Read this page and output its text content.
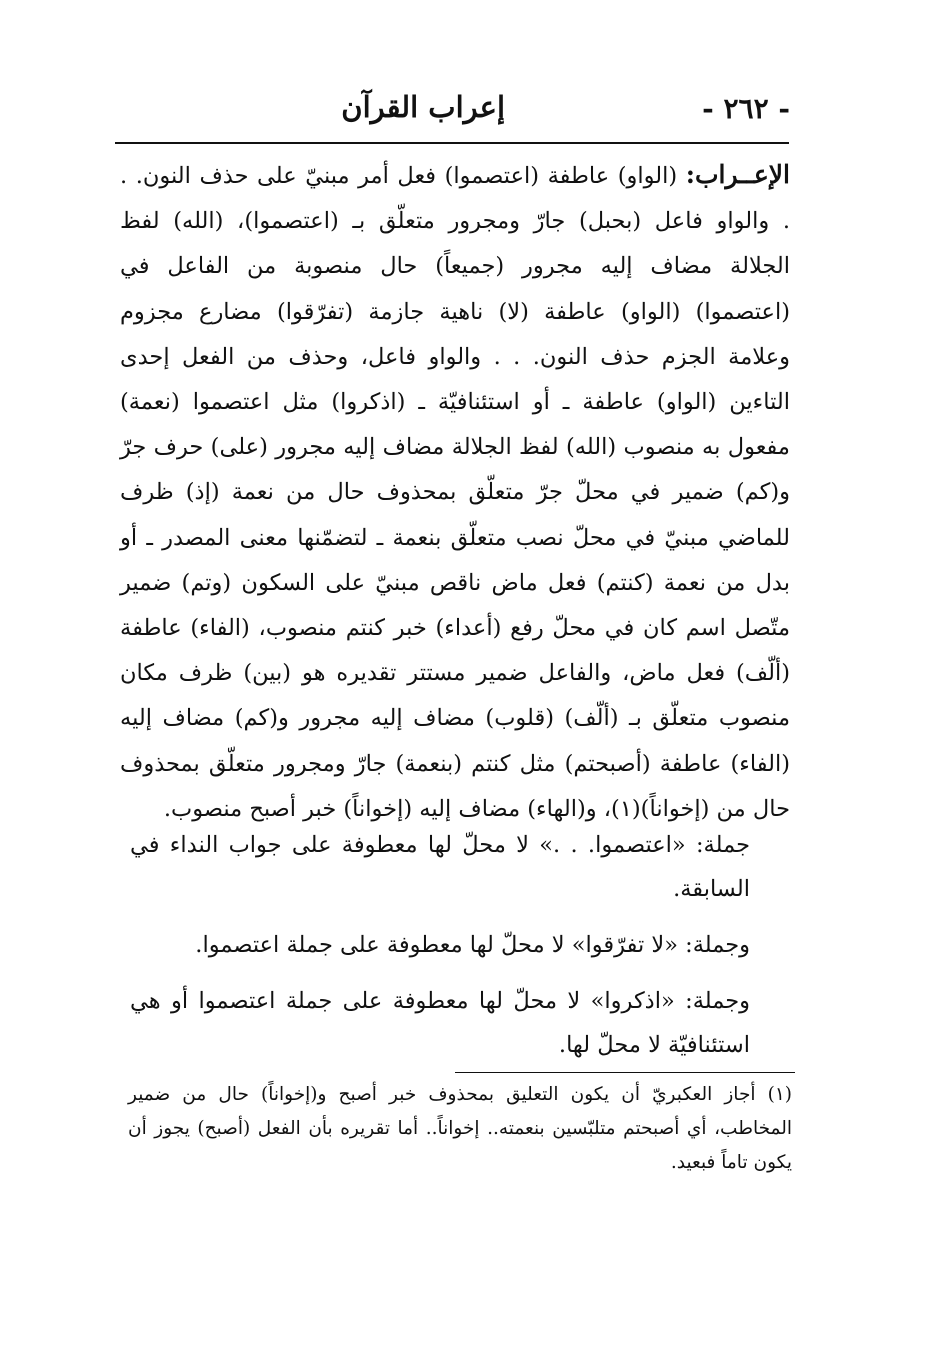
- ٢٦٢ -
إعراب القرآن

الإعــراب: (الواو) عاطفة (اعتصموا) فعل أمر مبنيّ على حذف النون. . . والواو فاعل (بحبل) جارّ ومجرور متعلّق بـ (اعتصموا)، (الله) لفظ الجلالة مضاف إليه مجرور (جميعاً) حال منصوبة من الفاعل في (اعتصموا) (الواو) عاطفة (لا) ناهية جازمة (تفرّقوا) مضارع مجزوم وعلامة الجزم حذف النون. . . والواو فاعل، وحذف من الفعل إحدى التاءين (الواو) عاطفة ـ أو استئنافيّة ـ (اذكروا) مثل اعتصموا (نعمة) مفعول به منصوب (الله) لفظ الجلالة مضاف إليه مجرور (على) حرف جرّ و(كم) ضمير في محلّ جرّ متعلّق بمحذوف حال من نعمة (إذ) ظرف للماضي مبنيّ في محلّ نصب متعلّق بنعمة ـ لتضمّنها معنى المصدر ـ أو بدل من نعمة (كنتم) فعل ماض ناقص مبنيّ على السكون (وتم) ضمير متّصل اسم كان في محلّ رفع (أعداء) خبر كنتم منصوب، (الفاء) عاطفة (ألّف) فعل ماض، والفاعل ضمير مستتر تقديره هو (بين) ظرف مكان منصوب متعلّق بـ (ألّف) (قلوب) مضاف إليه مجرور و(كم) مضاف إليه (الفاء) عاطفة (أصبحتم) مثل كنتم (بنعمة) جارّ ومجرور متعلّق بمحذوف حال من (إخواناً)(١)، و(الهاء) مضاف إليه (إخواناً) خبر أصبح منصوب.

جملة: «اعتصموا. . .» لا محلّ لها معطوفة على جواب النداء في السابقة.

وجملة: «لا تفرّقوا» لا محلّ لها معطوفة على جملة اعتصموا.

وجملة: «اذكروا» لا محلّ لها معطوفة على جملة اعتصموا أو هي استئنافيّة لا محلّ لها.

(١) أجاز العكبريّ أن يكون التعليق بمحذوف خبر أصبح و(إخواناً) حال من ضمير المخاطب، أي أصبحتم متلبّسين بنعمته.. إخواناً.. أما تقريره بأن الفعل (أصبح) يجوز أن يكون تاماً فبعيد.
